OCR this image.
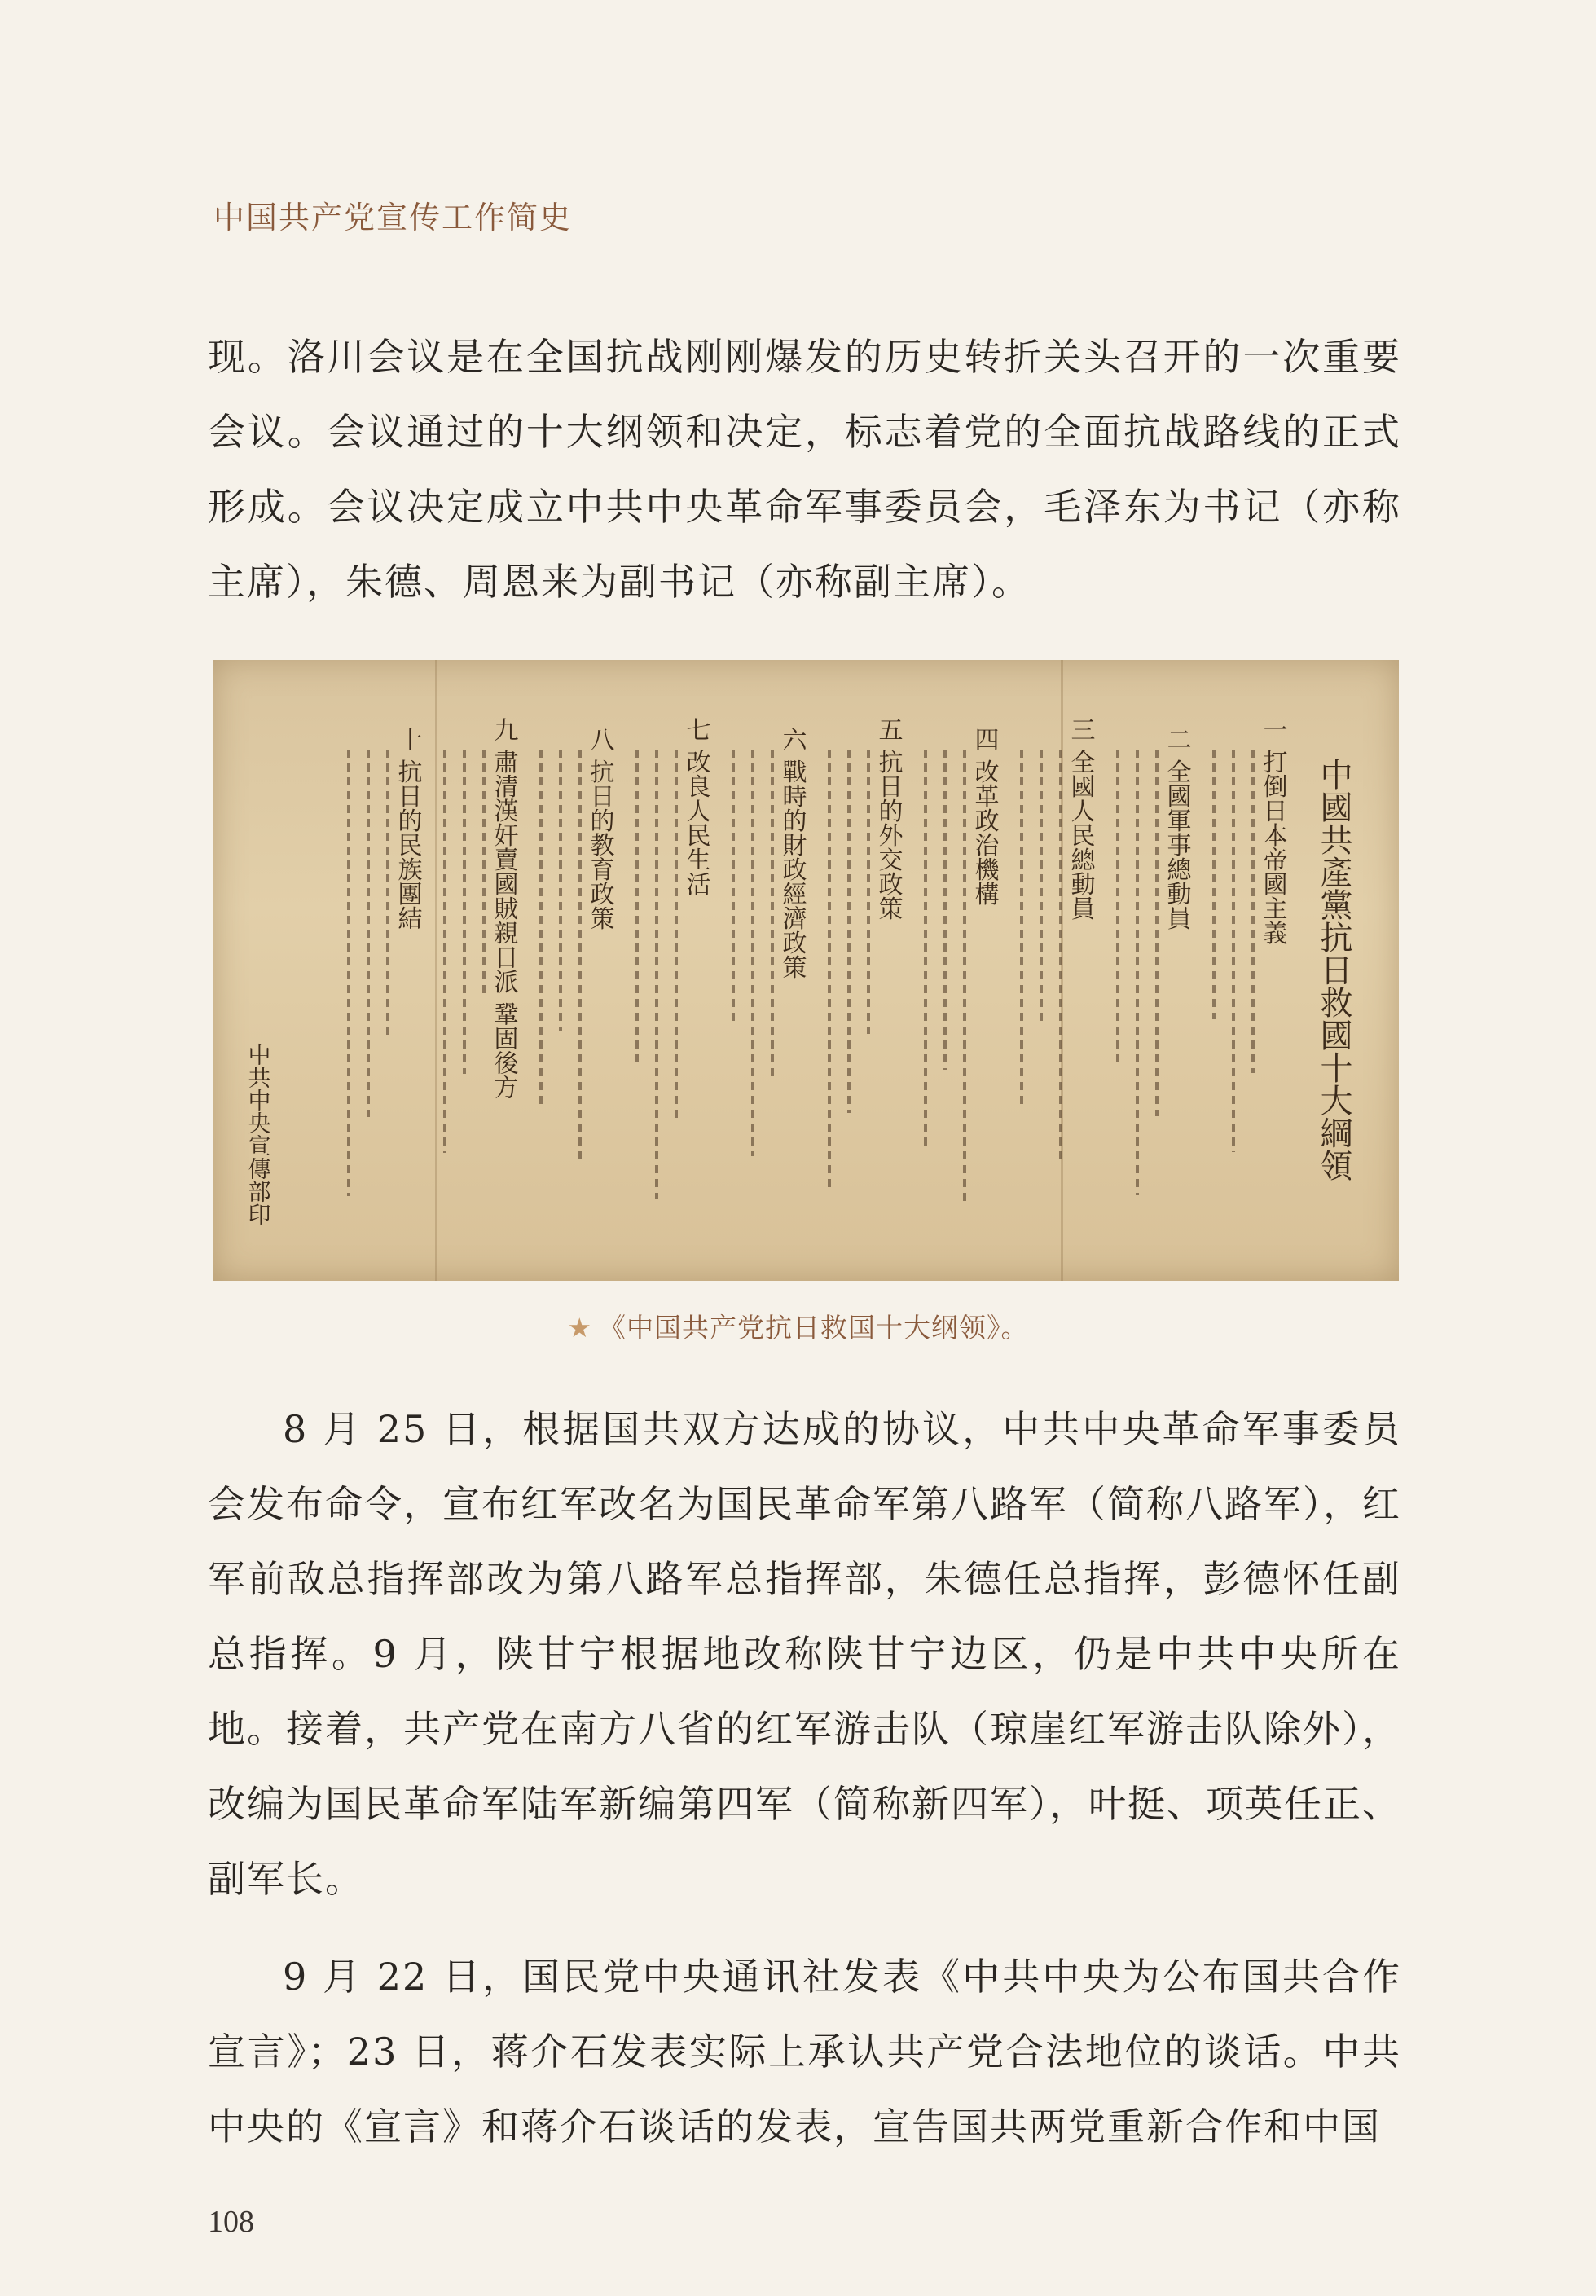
中国共产党宣传工作简史

现。洛川会议是在全国抗战刚刚爆发的历史转折关头召开的一次重要会议。会议通过的十大纲领和决定，标志着党的全面抗战路线的正式形成。会议决定成立中共中央革命军事委员会，毛泽东为书记（亦称主席），朱德、周恩来为副书记（亦称副主席）。

中國共產黨抗日救國十大綱領
一 打倒日本帝國主義
二 全國軍事總動員
三 全國人民總動員
四 改革政治機構
五 抗日的外交政策
六 戰時的財政經濟政策
七 改良人民生活
八 抗日的教育政策
九 肅清漢奸賣國賊親日派 鞏固後方
十 抗日的民族團結
中共中央宣傳部印
★ 《中国共产党抗日救国十大纲领》。

8 月 25 日，根据国共双方达成的协议，中共中央革命军事委员会发布命令，宣布红军改名为国民革命军第八路军（简称八路军），红军前敌总指挥部改为第八路军总指挥部，朱德任总指挥，彭德怀任副总指挥。9 月，陕甘宁根据地改称陕甘宁边区，仍是中共中央所在地。接着，共产党在南方八省的红军游击队（琼崖红军游击队除外），改编为国民革命军陆军新编第四军（简称新四军），叶挺、项英任正、副军长。

9 月 22 日，国民党中央通讯社发表《中共中央为公布国共合作宣言》；23 日，蒋介石发表实际上承认共产党合法地位的谈话。中共中央的《宣言》和蒋介石谈话的发表，宣告国共两党重新合作和中国

108
